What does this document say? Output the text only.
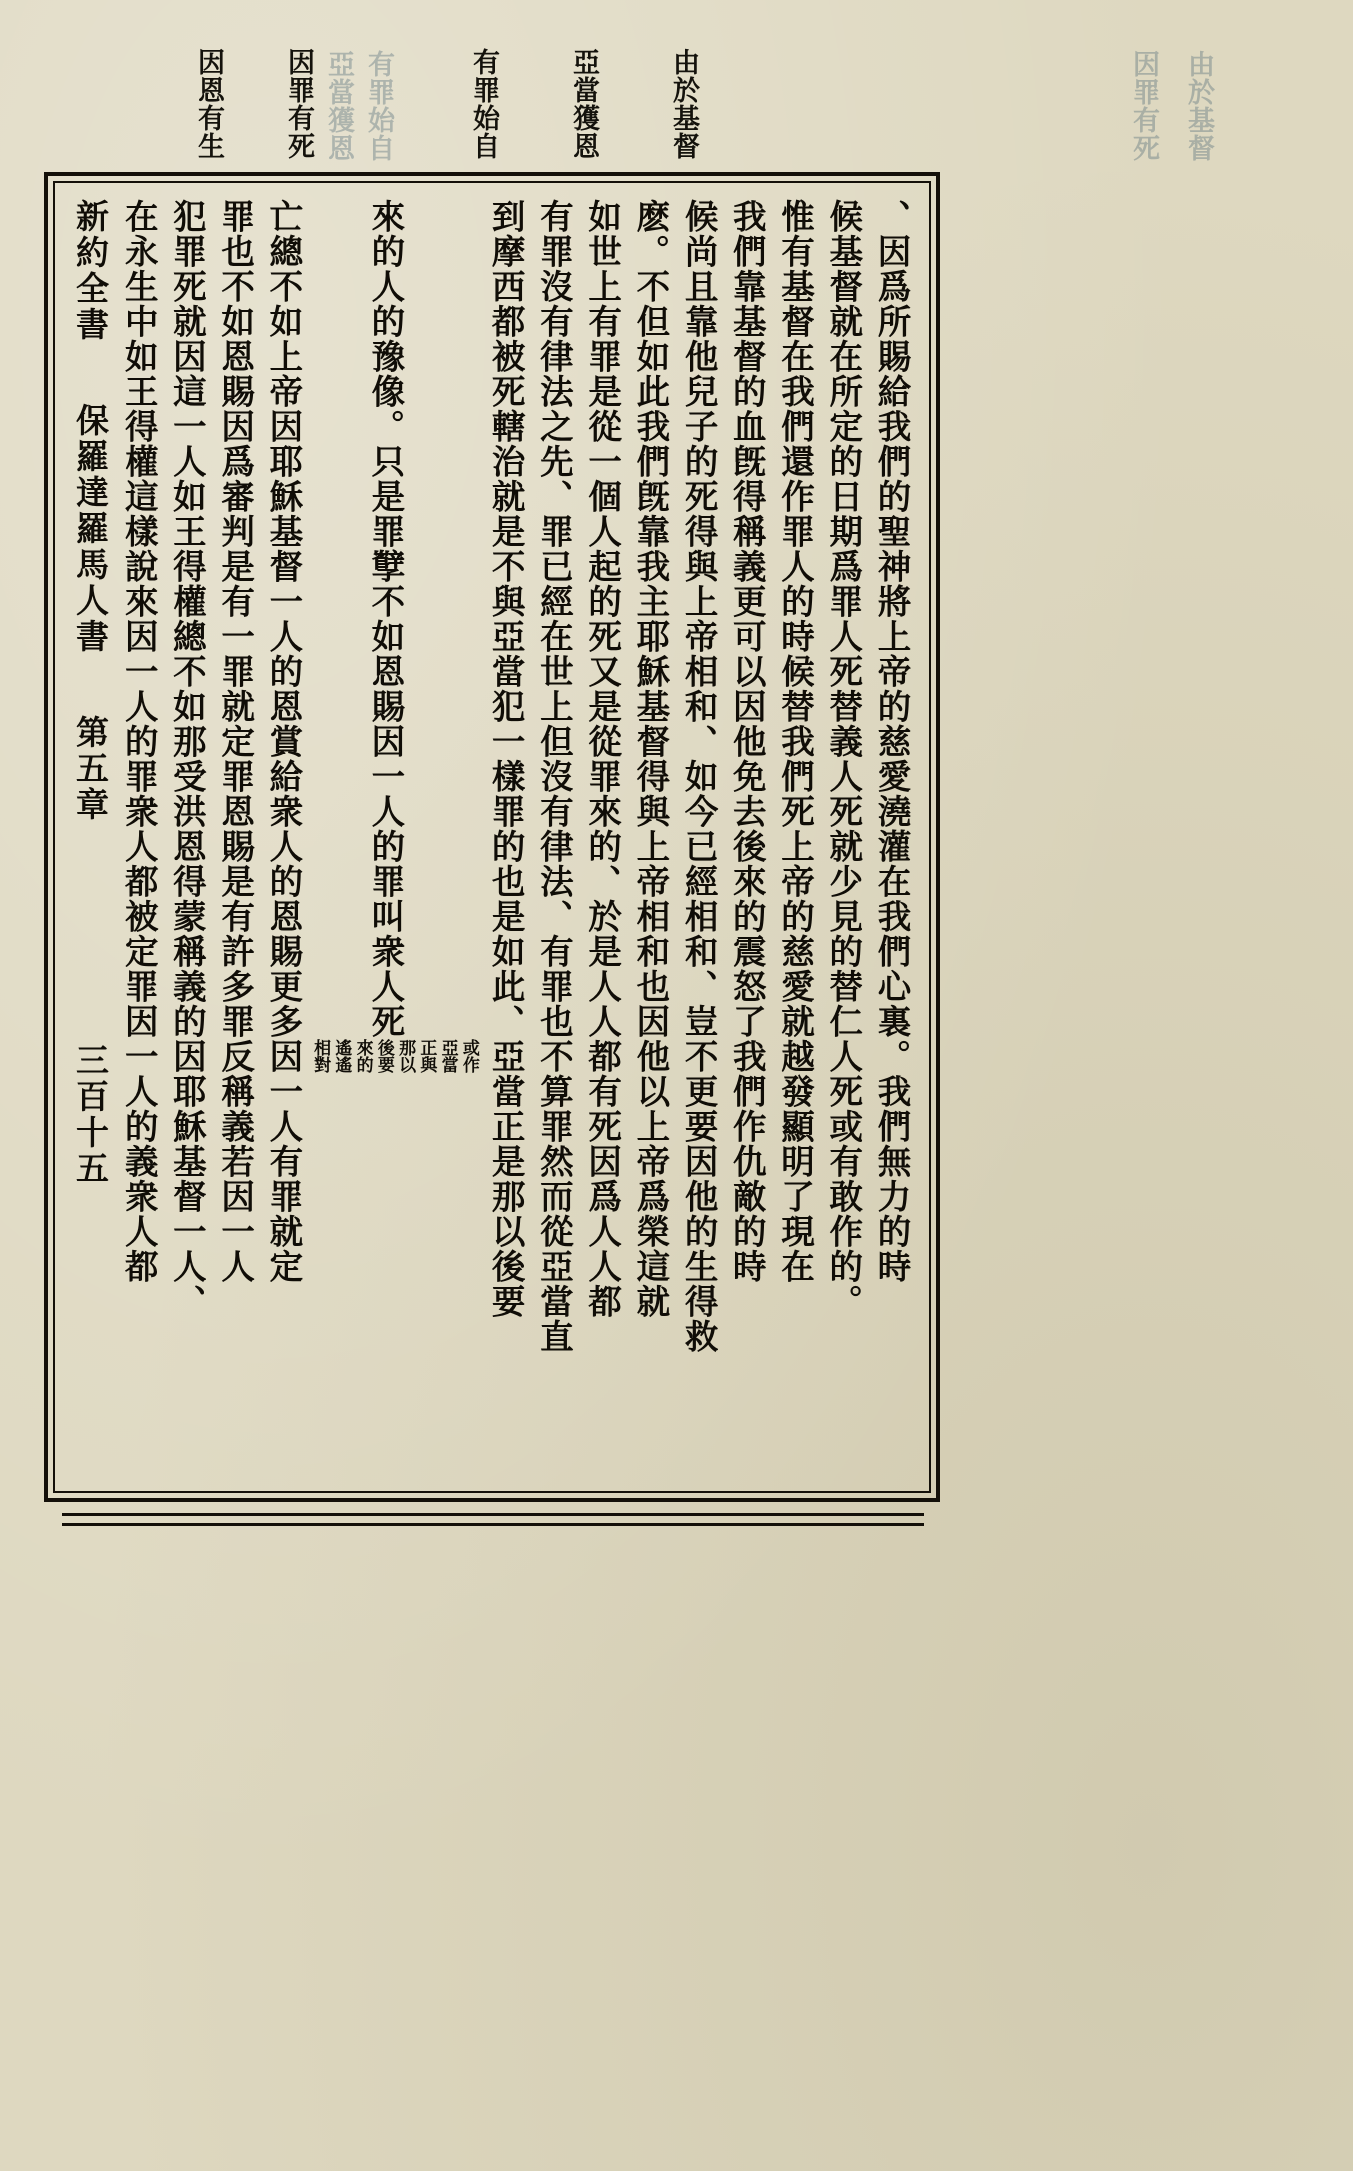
有罪始自	亞當獲恩	由於基督
因罪有死
因恩有生	有罪始自
亞當獲恩	由於基督
因罪有死
、因爲所賜給我們的聖神將上帝的慈愛澆灌在我們心裏。我們無力的時
候基督就在所定的日期爲罪人死替義人死就少見的替仁人死或有敢作的。
惟有基督在我們還作罪人的時候替我們死上帝的慈愛就越發顯明了現在
我們靠基督的血旣得稱義更可以因他免去後來的震怒了我們作仇敵的時
候尚且靠他兒子的死得與上帝相和、如今已經相和、豈不更要因他的生得救
麽。不但如此我們旣靠我主耶穌基督得與上帝相和也因他以上帝爲榮這就
如世上有罪是從一個人起的死又是從罪來的、於是人人都有死因爲人人都
有罪沒有律法之先、罪已經在世上但沒有律法、有罪也不算罪然而從亞當直
到摩西都被死轄治就是不與亞當犯一樣罪的也是如此、亞當正是那以後要
來的人的豫像。只是罪孼不如恩賜因一人的罪叫衆人死或作亞當正與那以後要來的遙遙相對
亡總不如上帝因耶穌基督一人的恩賞給衆人的恩賜更多因一人有罪就定
罪也不如恩賜因爲審判是有一罪就定罪恩賜是有許多罪反稱義若因一人
犯罪死就因這一人如王得權總不如那受洪恩得蒙稱義的因耶穌基督一人、
在永生中如王得權這樣說來因一人的罪衆人都被定罪因一人的義衆人都
新約全書保羅達羅馬人書第五章三百十五
